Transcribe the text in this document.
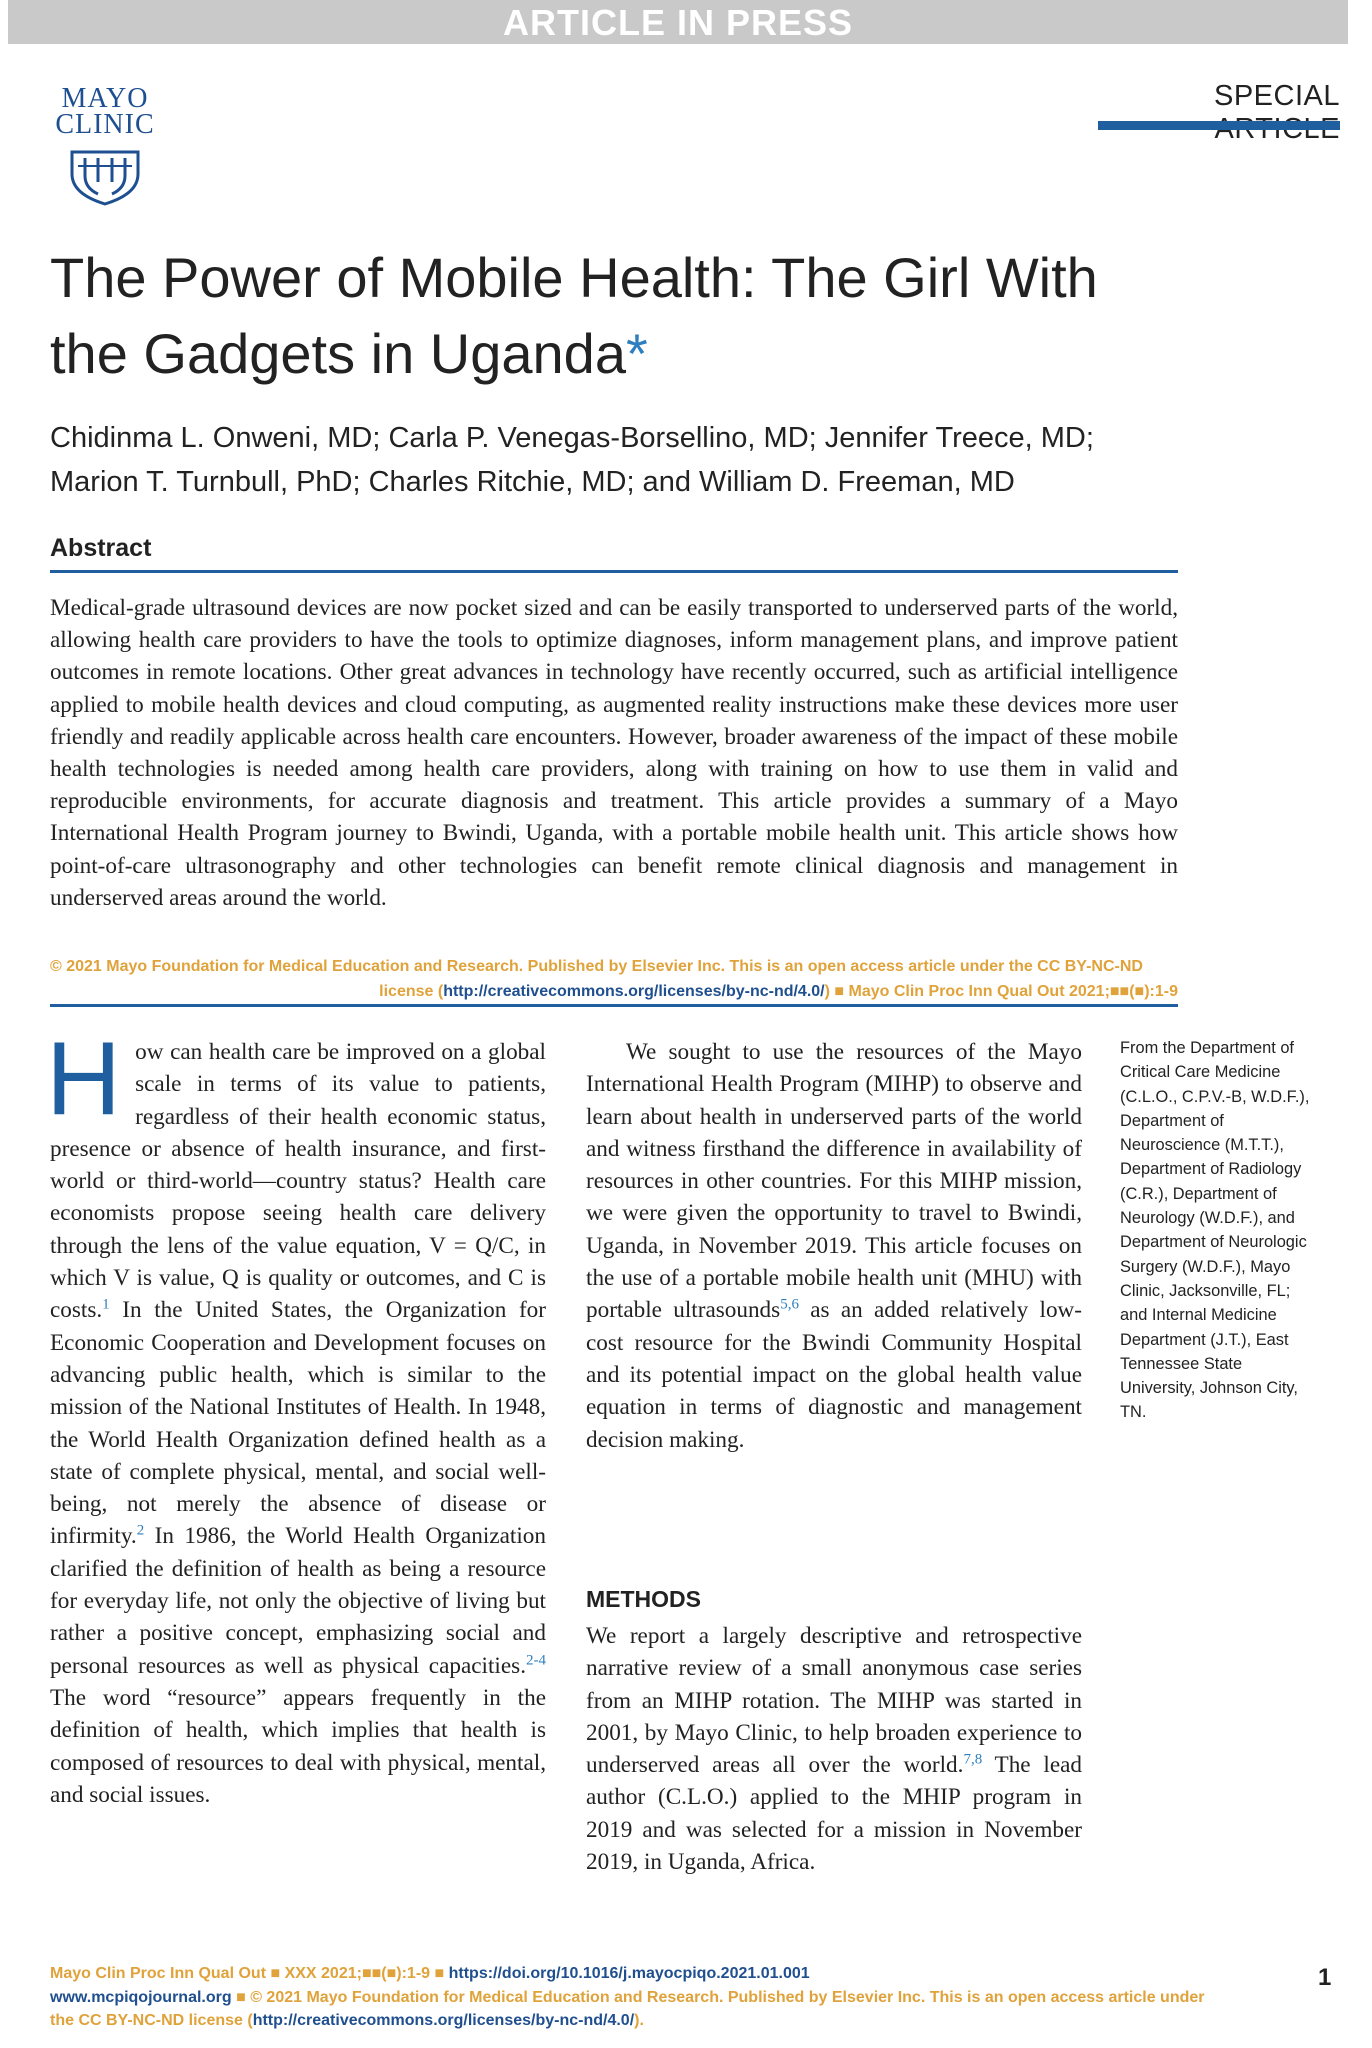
ARTICLE IN PRESS
MAYO
CLINIC
SPECIAL
The Power of Mobile Health: The Girl With the Gadgets in Uganda*
Chidinma L. Onweni, MD; Carla P. Venegas-Borsellino, MD; Jennifer Treece, MD;
Marion T. Turnbull, PhD; Charles Ritchie, MD; and William D. Freeman, MD
Abstract

Medical-grade ultrasound devices are now pocket sized and can be easily transported to underserved parts of the world, allowing health care providers to have the tools to optimize diagnoses, inform management plans, and improve patient outcomes in remote locations. Other great advances in technology have recently occurred, such as artificial intelligence applied to mobile health devices and cloud computing, as augmented reality instructions make these devices more user friendly and readily applicable across health care encounters. However, broader awareness of the impact of these mobile health technologies is needed among health care providers, along with training on how to use them in valid and reproducible environments, for accurate diagnosis and treatment. This article provides a summary of a Mayo International Health Program journey to Bwindi, Uganda, with a portable mobile health unit. This article shows how point-of-care ultrasonography and other technologies can benefit remote clinical diagnosis and management in underserved areas around the world.

© 2021 Mayo Foundation for Medical Education and Research. Published by Elsevier Inc. This is an open access article under the CC BY-NC-ND
license (http://creativecommons.org/licenses/by-nc-nd/4.0/) ■ Mayo Clin Proc Inn Qual Out 2021;■■(■):1-9

How can health care be improved on a global scale in terms of its value to patients, regardless of their health economic status, presence or absence of health insurance, and first-world or third-world—country status? Health care economists propose seeing health care delivery through the lens of the value equation, V = Q/C, in which V is value, Q is quality or outcomes, and C is costs.$^1$ In the United States, the Organization for Economic Cooperation and Development focuses on advancing public health, which is similar to the mission of the National Institutes of Health. In 1948, the World Health Organization defined health as a state of complete physical, mental, and social well-being, not merely the absence of disease or infirmity.$^2$ In 1986, the World Health Organization clarified the definition of health as being a resource for everyday life, not only the objective of living but rather a positive concept, emphasizing social and personal resources as well as physical capacities.$^{2-4}$ The word “resource” appears frequently in the definition of health, which implies that health is composed of resources to deal with physical, mental, and social issues.

We sought to use the resources of the Mayo International Health Program (MIHP) to observe and learn about health in underserved parts of the world and witness firsthand the difference in availability of resources in other countries. For this MIHP mission, we were given the opportunity to travel to Bwindi, Uganda, in November 2019. This article focuses on the use of a portable mobile health unit (MHU) with portable ultrasounds$^{5,6}$ as an added relatively low-cost resource for the Bwindi Community Hospital and its potential impact on the global health value equation in terms of diagnostic and management decision making.

METHODS

We report a largely descriptive and retrospective narrative review of a small anonymous case series from an MIHP rotation. The MIHP was started in 2001, by Mayo Clinic, to help broaden experience to underserved areas all over the world.$^{7,8}$ The lead author (C.L.O.) applied to the MHIP program in 2019 and was selected for a mission in November 2019, in Uganda, Africa.

From the Department of Critical Care Medicine (C.L.O., C.P.V.-B, W.D.F.), Department of Neuroscience (M.T.T.), Department of Radiology (C.R.), Department of Neurology (W.D.F.), and Department of Neurologic Surgery (W.D.F.), Mayo Clinic, Jacksonville, FL; and Internal Medicine Department (J.T.), East Tennessee State University, Johnson City, TN.

Mayo Clin Proc Inn Qual Out ■ XXX 2021;■■(■):1-9 ■ https://doi.org/10.1016/j.mayocpiqo.2021.01.001
www.mcpiqojournal.org ■ © 2021 Mayo Foundation for Medical Education and Research. Published by Elsevier Inc. This is an open access article under
the CC BY-NC-ND license (http://creativecommons.org/licenses/by-nc-nd/4.0/).
1
